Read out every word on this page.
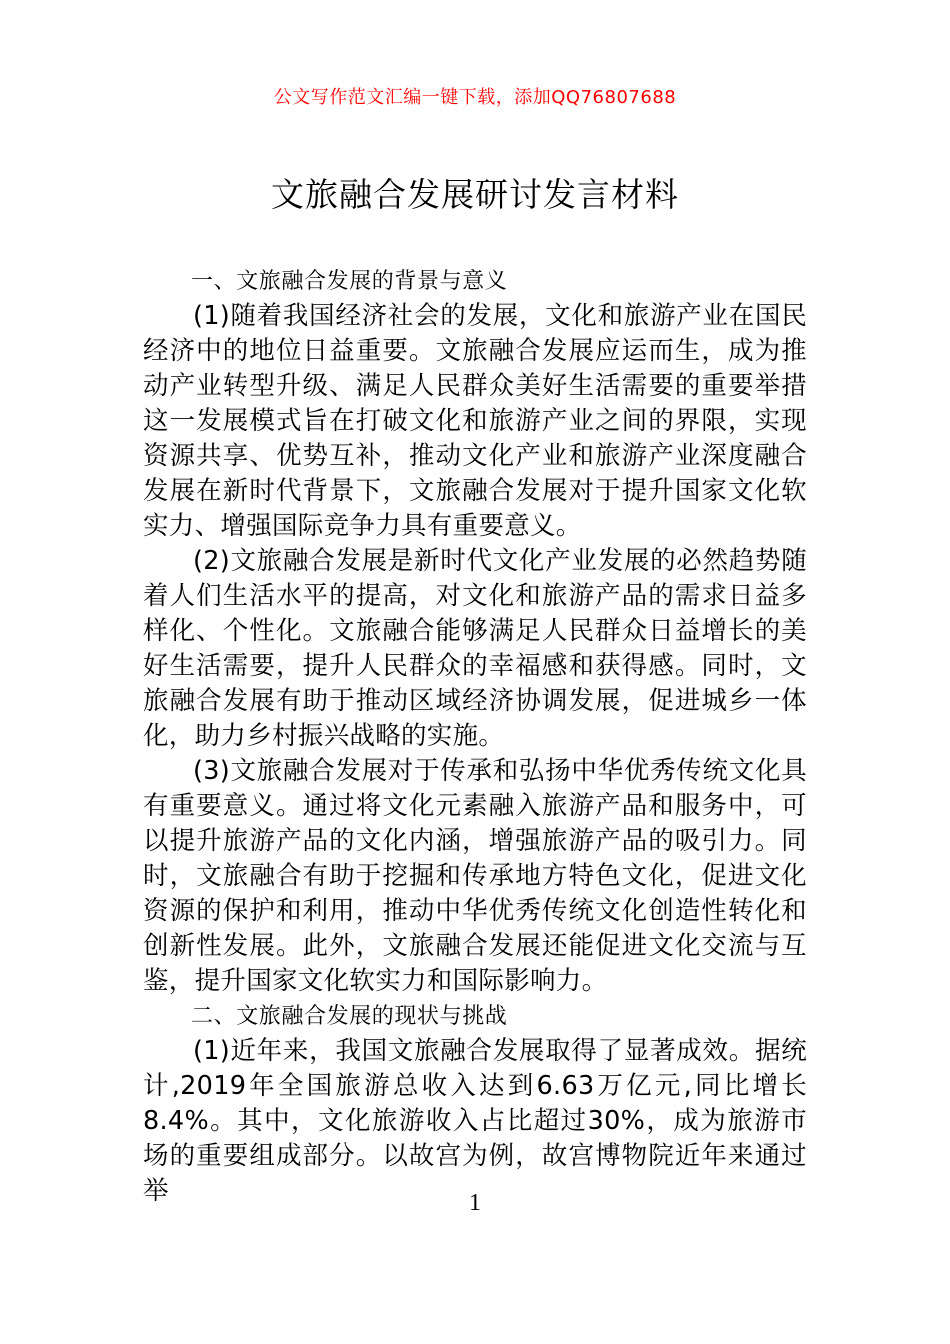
公文写作范文汇编一键下载，添加QQ76807688
文旅融合发展研讨发言材料

一、文旅融合发展的背景与意义

(1)随着我国经济社会的发展，文化和旅游产业在国民经济中的地位日益重要。文旅融合发展应运而生，成为推动产业转型升级、满足人民群众美好生活需要的重要举措这一发展模式旨在打破文化和旅游产业之间的界限，实现资源共享、优势互补，推动文化产业和旅游产业深度融合发展在新时代背景下，文旅融合发展对于提升国家文化软实力、增强国际竞争力具有重要意义。

(2)文旅融合发展是新时代文化产业发展的必然趋势随着人们生活水平的提高，对文化和旅游产品的需求日益多样化、个性化。文旅融合能够满足人民群众日益增长的美好生活需要，提升人民群众的幸福感和获得感。同时，文旅融合发展有助于推动区域经济协调发展，促进城乡一体化，助力乡村振兴战略的实施。

(3)文旅融合发展对于传承和弘扬中华优秀传统文化具有重要意义。通过将文化元素融入旅游产品和服务中，可以提升旅游产品的文化内涵，增强旅游产品的吸引力。同时，文旅融合有助于挖掘和传承地方特色文化，促进文化资源的保护和利用，推动中华优秀传统文化创造性转化和创新性发展。此外，文旅融合发展还能促进文化交流与互鉴，提升国家文化软实力和国际影响力。

二、文旅融合发展的现状与挑战

(1)近年来，我国文旅融合发展取得了显著成效。据统计,2019年全国旅游总收入达到6.63万亿元,同比增长8.4%。其中，文化旅游收入占比超过30%，成为旅游市场的重要组成部分。以故宫为例，故宫博物院近年来通过举	1
